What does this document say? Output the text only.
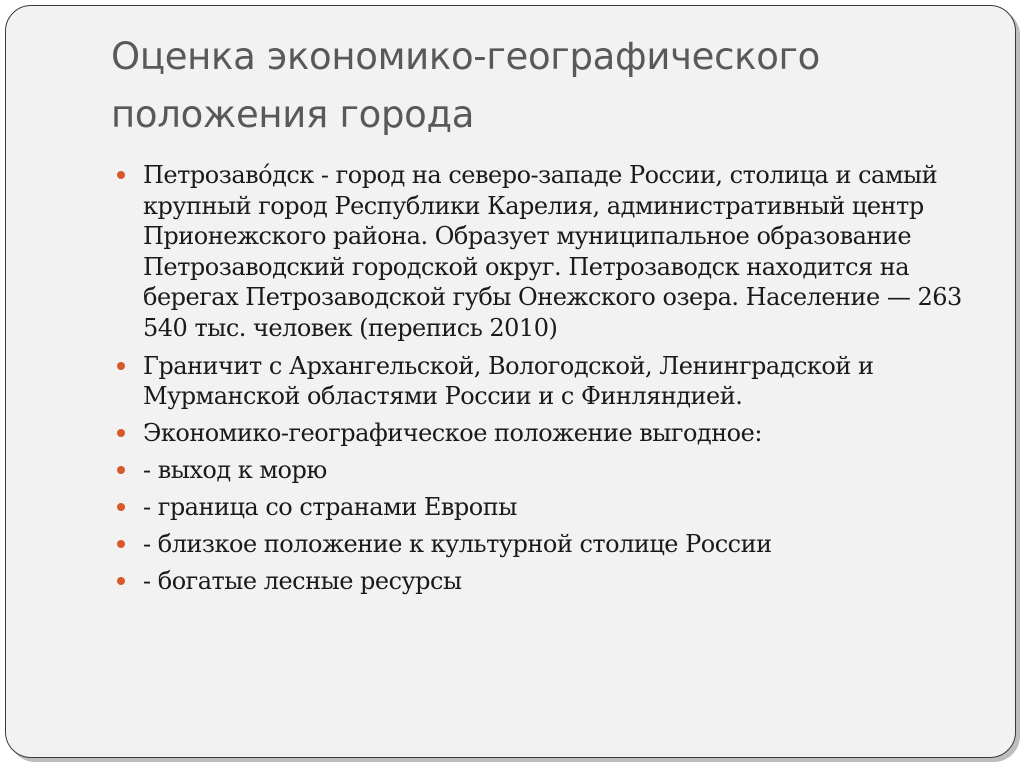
Оценка экономико-географического положения города
Петрозаво́дск - город на северо-западе России, столица и самый крупный город Республики Карелия, административный центр Прионежского района. Образует муниципальное образование Петрозаводский городской округ. Петрозаводск находится на берегах Петрозаводской губы Онежского озера. Население — 263 540 тыс. человек (перепись 2010)
Граничит с Архангельской, Вологодской, Ленинградской и Мурманской областями России и с Финляндией.
Экономико-географическое положение выгодное:
- выход к морю
- граница со странами Европы
- близкое положение к культурной столице России
- богатые лесные ресурсы
